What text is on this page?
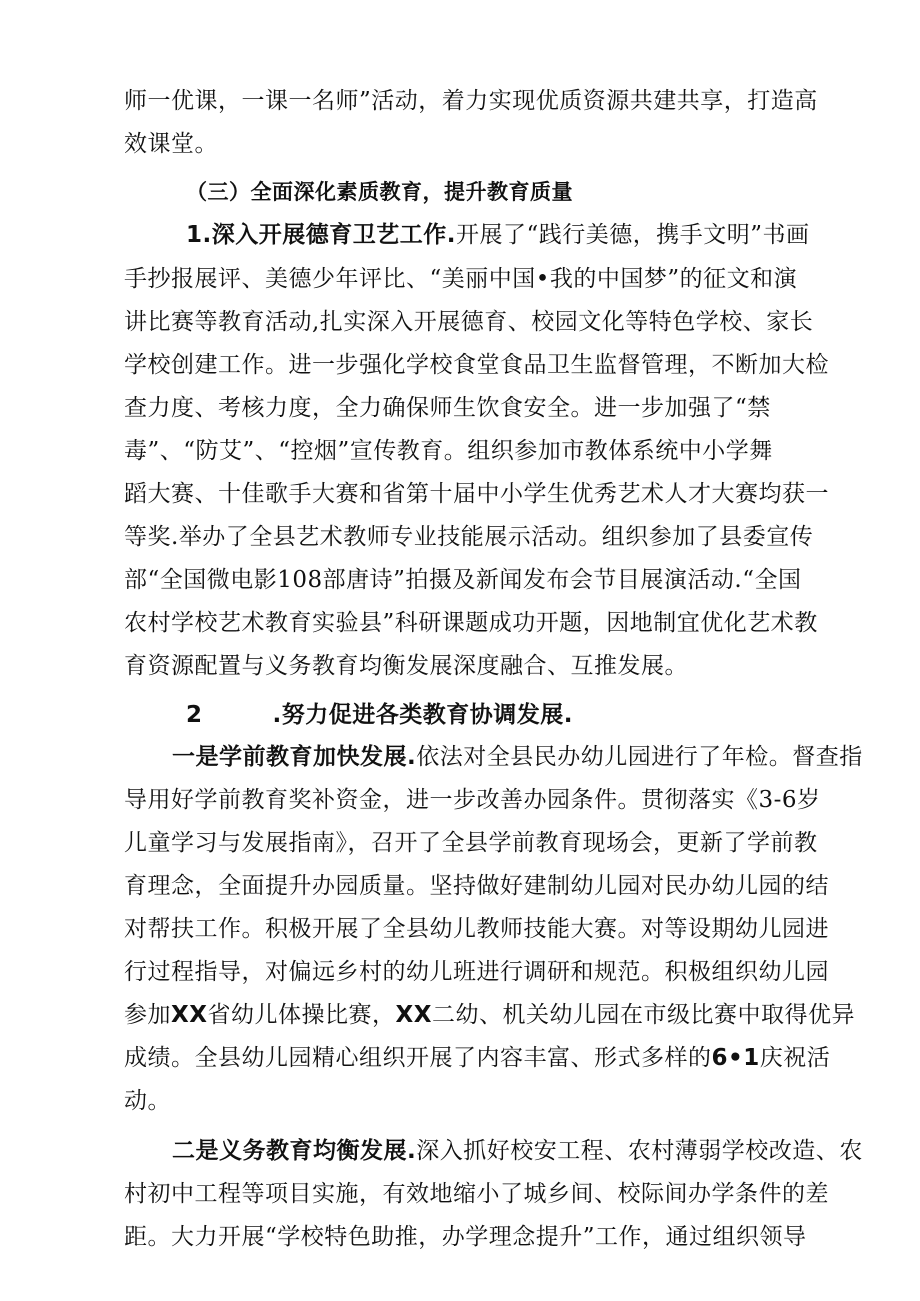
师一优课，一课一名师”活动，着力实现优质资源共建共享，打造高
效课堂。
（三）全面深化素质教育，提升教育质量
1.深入开展德育卫艺工作.开展了“践行美德，携手文明”书画
手抄报展评、美德少年评比、“美丽中国•我的中国梦”的征文和演
讲比赛等教育活动,扎实深入开展德育、校园文化等特色学校、家长
学校创建工作。进一步强化学校食堂食品卫生监督管理，不断加大检
查力度、考核力度，全力确保师生饮食安全。进一步加强了“禁
毒”、“防艾”、“控烟”宣传教育。组织参加市教体系统中小学舞
蹈大赛、十佳歌手大赛和省第十届中小学生优秀艺术人才大赛均获一
等奖.举办了全县艺术教师专业技能展示活动。组织参加了县委宣传
部“全国微电影108部唐诗”拍摄及新闻发布会节目展演活动.“全国
农村学校艺术教育实验县”科研课题成功开题，因地制宜优化艺术教
育资源配置与义务教育均衡发展深度融合、互推发展。
2	.努力促进各类教育协调发展.
一是学前教育加快发展.依法对全县民办幼儿园进行了年检。督查指
导用好学前教育奖补资金，进一步改善办园条件。贯彻落实《3-6岁
儿童学习与发展指南》，召开了全县学前教育现场会，更新了学前教
育理念，全面提升办园质量。坚持做好建制幼儿园对民办幼儿园的结
对帮扶工作。积极开展了全县幼儿教师技能大赛。对等设期幼儿园进
行过程指导，对偏远乡村的幼儿班进行调研和规范。积极组织幼儿园
参加XX省幼儿体操比赛，XX二幼、机关幼儿园在市级比赛中取得优异
成绩。全县幼儿园精心组织开展了内容丰富、形式多样的6•1庆祝活
动。
二是义务教育均衡发展.深入抓好校安工程、农村薄弱学校改造、农
村初中工程等项目实施，有效地缩小了城乡间、校际间办学条件的差
距。大力开展“学校特色助推，办学理念提升”工作，通过组织领导
